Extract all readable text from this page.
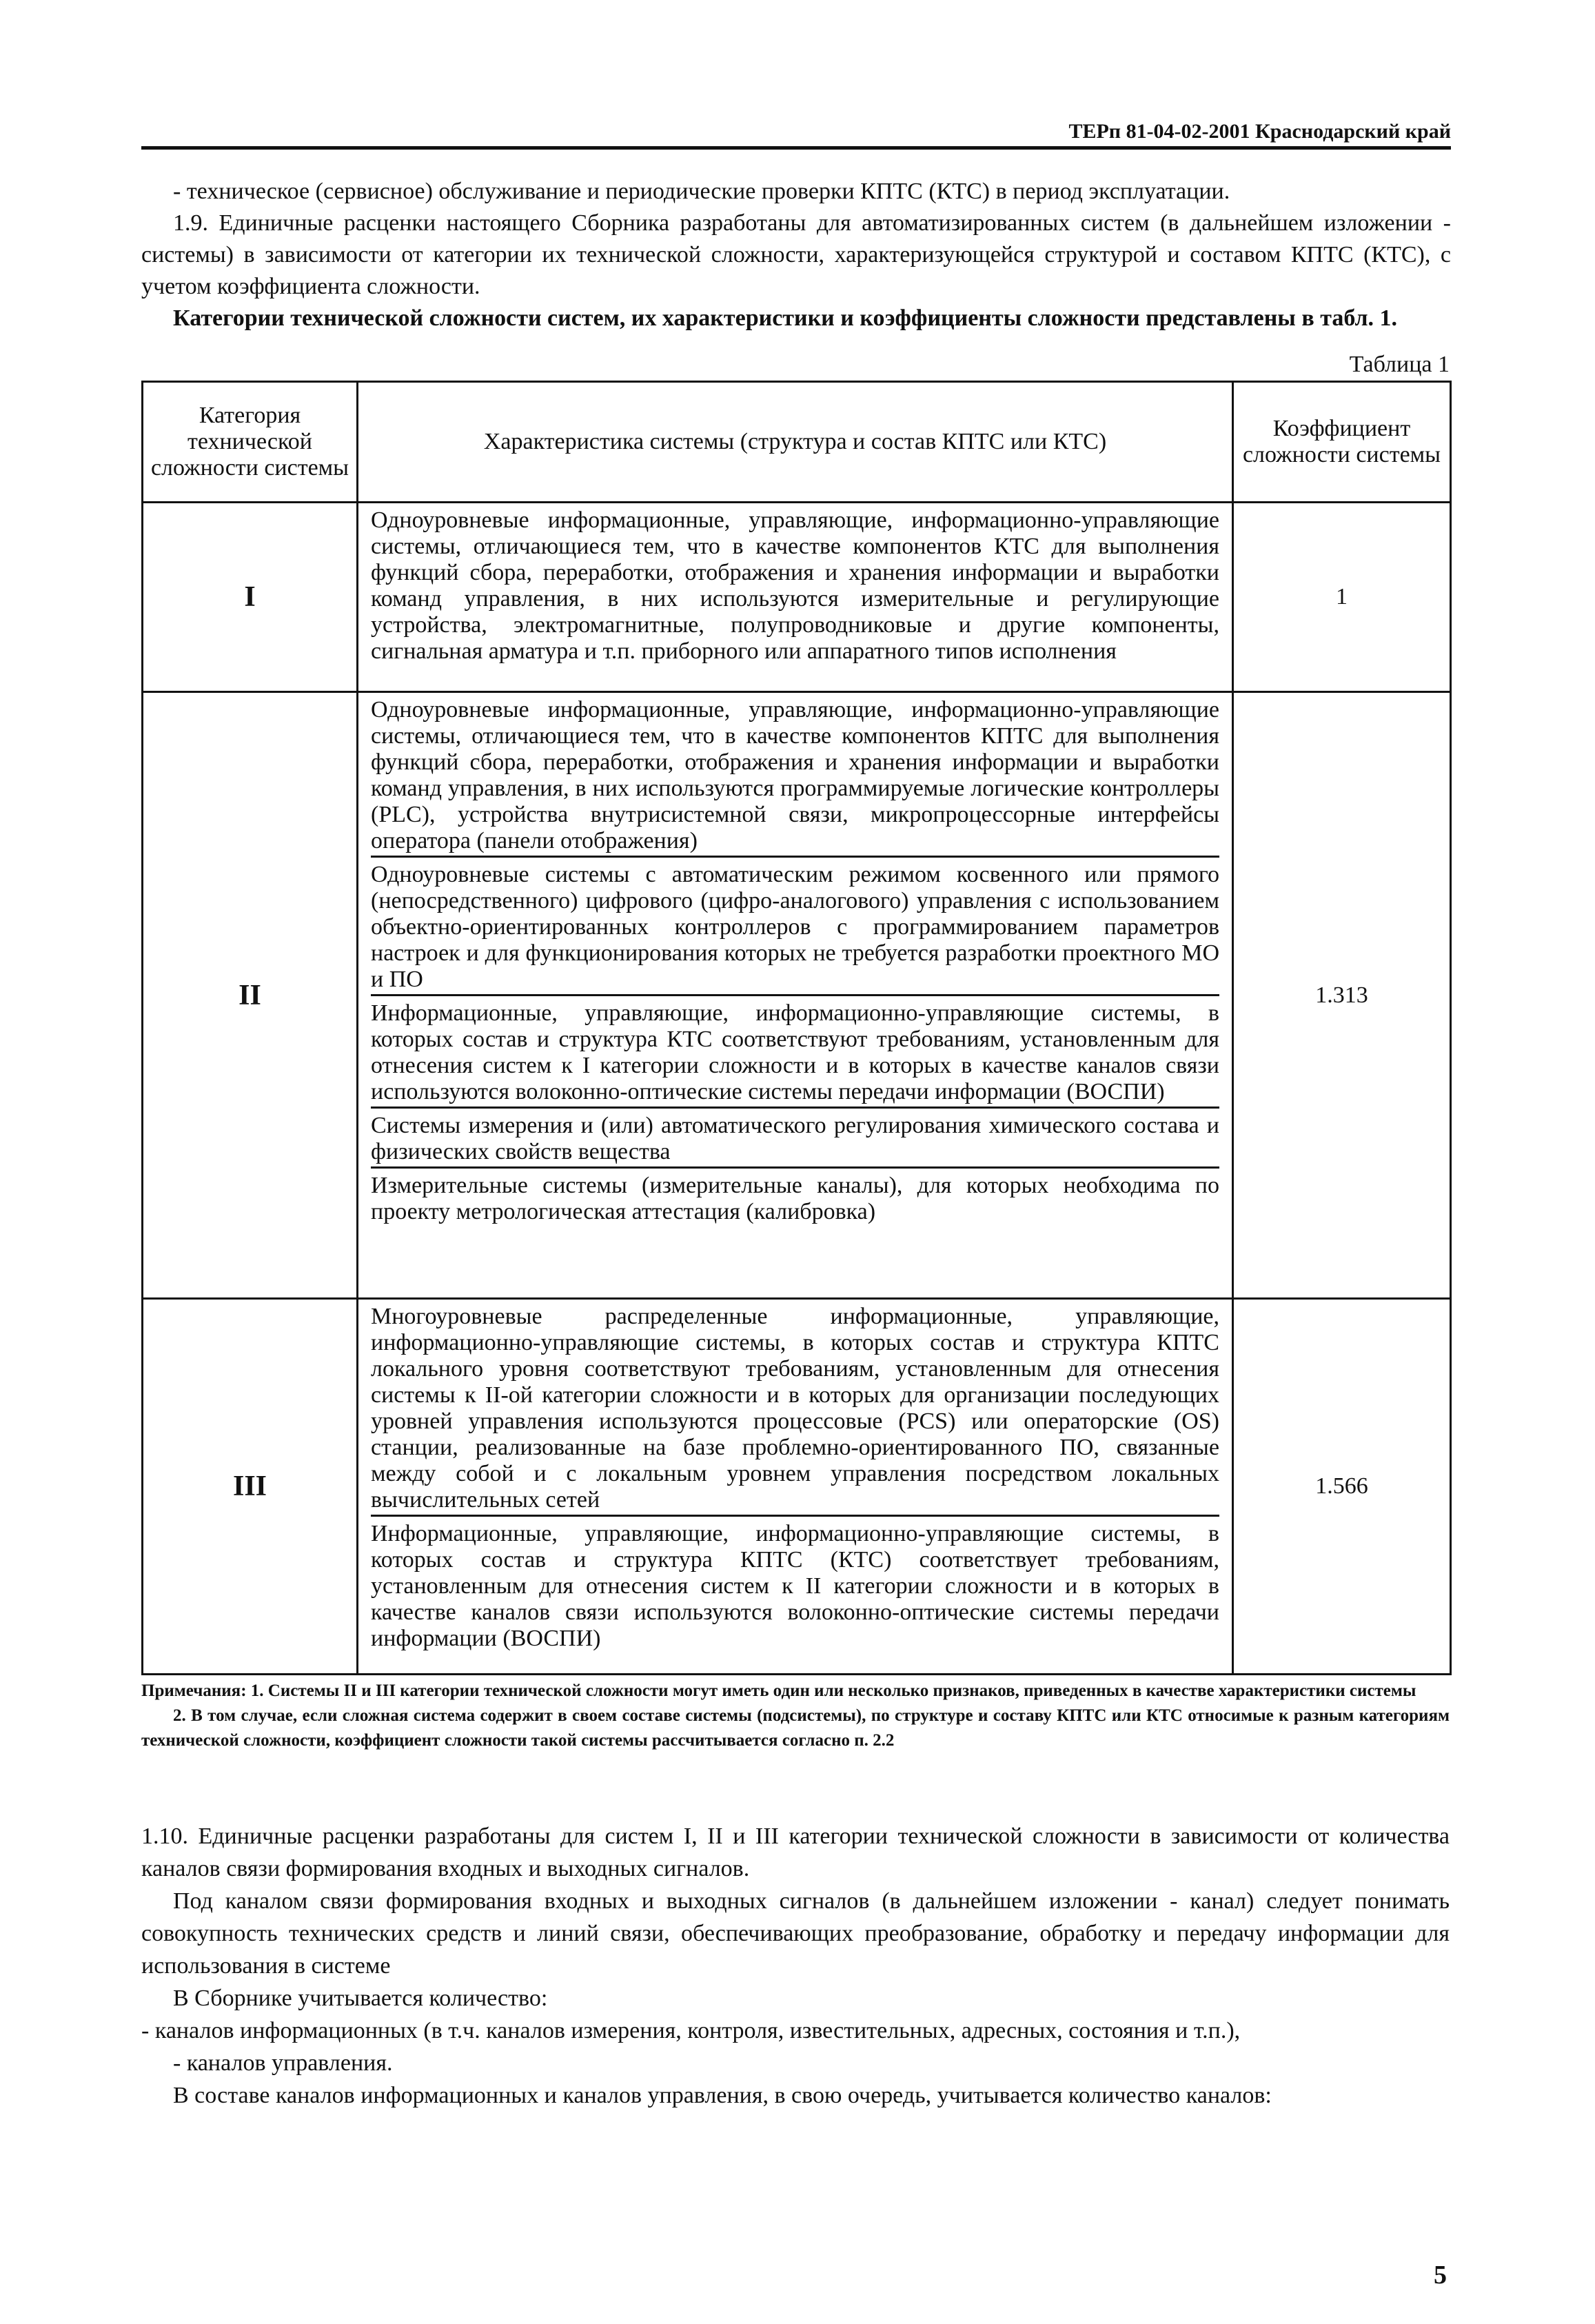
ТЕРп 81-04-02-2001 Краснодарский край

- техническое (сервисное) обслуживание и периодические проверки КПТС (КТС) в период эксплуатации.

1.9. Единичные расценки настоящего Сборника разработаны для автоматизированных систем (в дальнейшем изложении - системы) в зависимости от категории их технической сложности, характеризующейся структурой и составом КПТС (КТС), с учетом коэффициента сложности.

Категории технической сложности систем, их характеристики и коэффициенты сложности представлены в табл. 1.

Таблица 1
Категория технической сложности системы	Характеристика системы (структура и состав КПТС или КТС)	Коэффициент сложности системы
I	Одноуровневые информационные, управляющие, информационно-управляющие системы, отличающиеся тем, что в качестве компонентов КТС для выполнения функций сбора, переработки, отображения и хранения информации и выработки команд управления, в них используются измерительные и регулирующие устройства, электромагнитные, полупроводниковые и другие компоненты, сигнальная арматура и т.п. приборного или аппаратного типов исполнения	1
II	Одноуровневые информационные, управляющие, информационно-управляющие системы, отличающиеся тем, что в качестве компонентов КПТС для выполнения функций сбора, переработки, отображения и хранения информации и выработки команд управления, в них используются программируемые логические контроллеры (PLC), устройства внутрисистемной связи, микропроцессорные интерфейсы оператора (панели отображения)
Одноуровневые системы с автоматическим режимом косвенного или прямого (непосредственного) цифрового (цифро-аналогового) управления с использованием объектно-ориентированных контроллеров с программированием параметров настроек и для функционирования которых не требуется разработки проектного МО и ПО
Информационные, управляющие, информационно-управляющие системы, в которых состав и структура КТС соответствуют требованиям, установленным для отнесения систем к I категории сложности и в которых в качестве каналов связи используются волоконно-оптические системы передачи информации (ВОСПИ)
Системы измерения и (или) автоматического регулирования химического состава и физических свойств вещества
Измерительные системы (измерительные каналы), для которых необходима по проекту метрологическая аттестация (калибровка)	1.313
III	Многоуровневые распределенные информационные, управляющие, информационно-управляющие системы, в которых состав и структура КПТС локального уровня соответствуют требованиям, установленным для отнесения системы к II-ой категории сложности и в которых для организации последующих уровней управления используются процессовые (PCS) или операторские (OS) станции, реализованные на базе проблемно-ориентированного ПО, связанные между собой и с локальным уровнем управления посредством локальных вычислительных сетей
Информационные, управляющие, информационно-управляющие системы, в которых состав и структура КПТС (КТС) соответствует требованиям, установленным для отнесения систем к II категории сложности и в которых в качестве каналов связи используются волоконно-оптические системы передачи информации (ВОСПИ)	1.566

Примечания: 1. Системы II и III категории технической сложности могут иметь один или несколько признаков, приведенных в качестве характеристики системы

2. В том случае, если сложная система содержит в своем составе системы (подсистемы), по структуре и составу КПТС или КТС относимые к разным категориям технической сложности, коэффициент сложности такой системы рассчитывается согласно п. 2.2

1.10. Единичные расценки разработаны для систем I, II и III категории технической сложности в зависимости от количества каналов связи формирования входных и выходных сигналов.

Под каналом связи формирования входных и выходных сигналов (в дальнейшем изложении - канал) следует понимать совокупность технических средств и линий связи, обеспечивающих преобразование, обработку и передачу информации для использования в системе

В Сборнике учитывается количество:

- каналов информационных (в т.ч. каналов измерения, контроля, известительных, адресных, состояния и т.п.),

- каналов управления.

В составе каналов информационных и каналов управления, в свою очередь, учитывается количество каналов:

5
